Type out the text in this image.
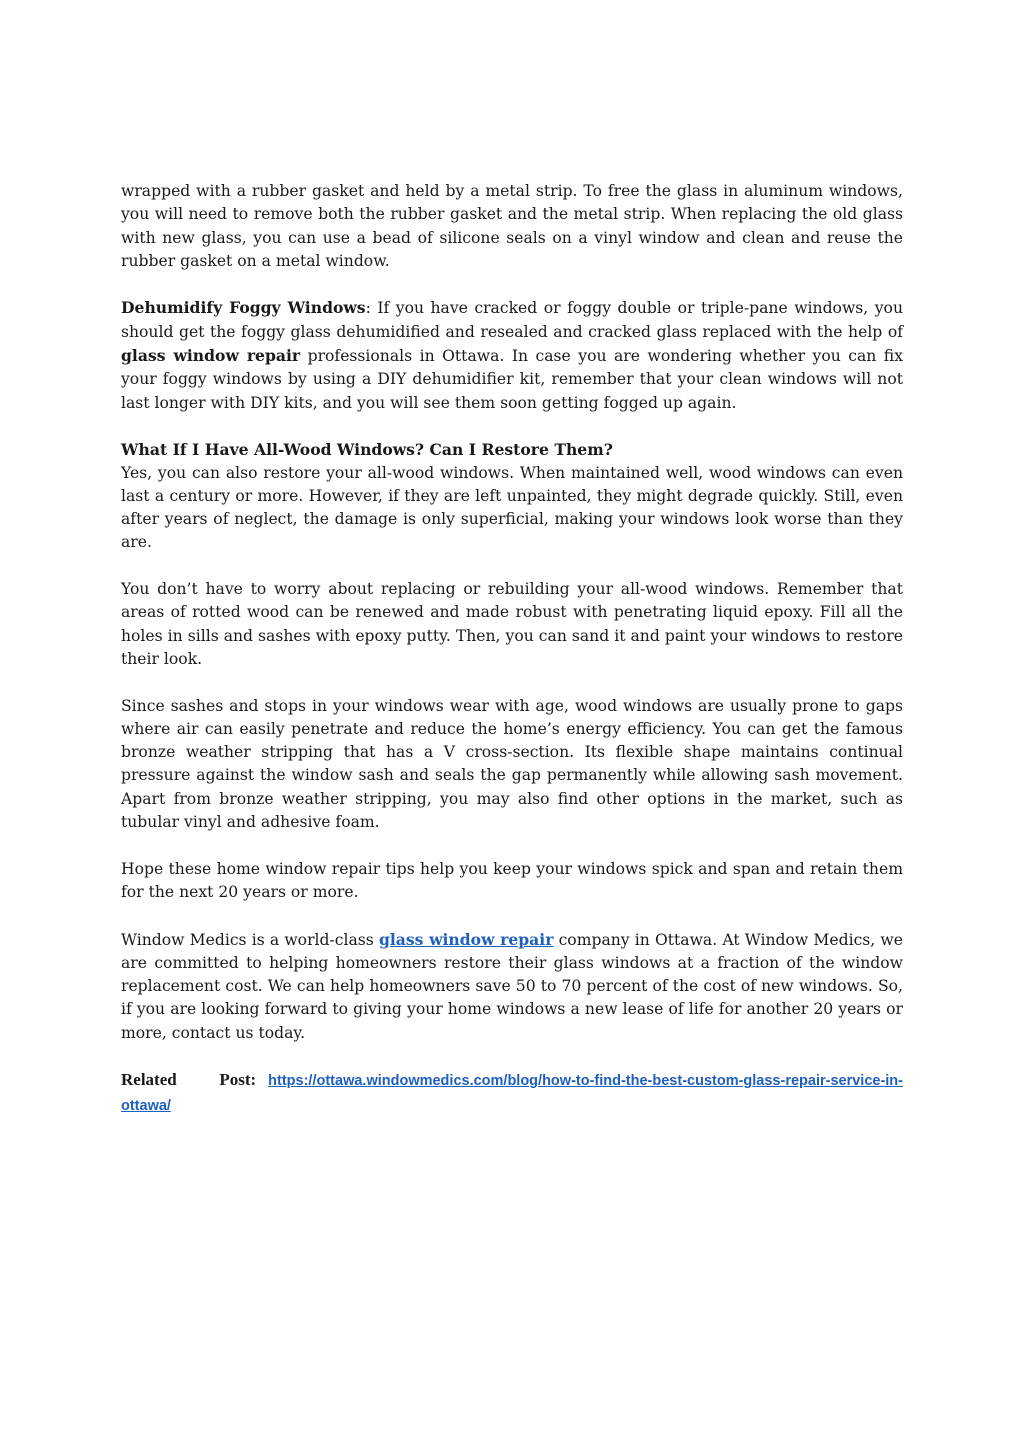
wrapped with a rubber gasket and held by a metal strip. To free the glass in aluminum windows, you will need to remove both the rubber gasket and the metal strip. When replacing the old glass with new glass, you can use a bead of silicone seals on a vinyl window and clean and reuse the rubber gasket on a metal window.

Dehumidify Foggy Windows: If you have cracked or foggy double or triple-pane windows, you should get the foggy glass dehumidified and resealed and cracked glass replaced with the help of glass window repair professionals in Ottawa. In case you are wondering whether you can fix your foggy windows by using a DIY dehumidifier kit, remember that your clean windows will not last longer with DIY kits, and you will see them soon getting fogged up again.

What If I Have All-Wood Windows? Can I Restore Them?

Yes, you can also restore your all-wood windows. When maintained well, wood windows can even last a century or more. However, if they are left unpainted, they might degrade quickly. Still, even after years of neglect, the damage is only superficial, making your windows look worse than they are.

You don’t have to worry about replacing or rebuilding your all-wood windows. Remember that areas of rotted wood can be renewed and made robust with penetrating liquid epoxy. Fill all the holes in sills and sashes with epoxy putty. Then, you can sand it and paint your windows to restore their look.

Since sashes and stops in your windows wear with age, wood windows are usually prone to gaps where air can easily penetrate and reduce the home’s energy efficiency. You can get the famous bronze weather stripping that has a V cross-section. Its flexible shape maintains continual pressure against the window sash and seals the gap permanently while allowing sash movement. Apart from bronze weather stripping, you may also find other options in the market, such as tubular vinyl and adhesive foam.

Hope these home window repair tips help you keep your windows spick and span and retain them for the next 20 years or more.

Window Medics is a world-class glass window repair company in Ottawa. At Window Medics, we are committed to helping homeowners restore their glass windows at a fraction of the window replacement cost. We can help homeowners save 50 to 70 percent of the cost of new windows. So, if you are looking forward to giving your home windows a new lease of life for another 20 years or more, contact us today.

Related Post: https://ottawa.windowmedics.com/blog/how-to-find-the-best-custom-glass-repair-service-in-ottawa/
